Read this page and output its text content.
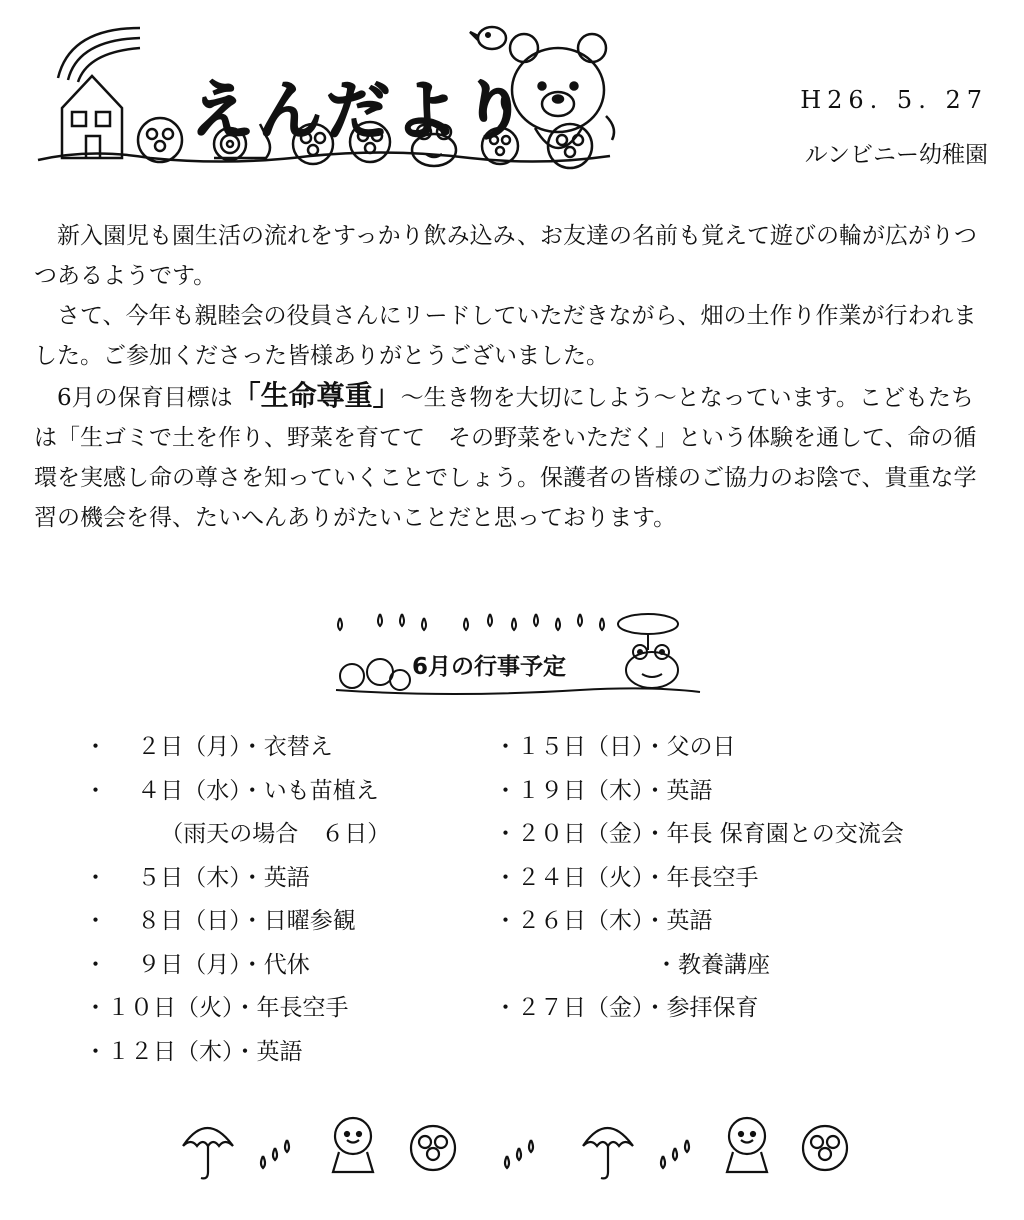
えんだより	H26. 5. 27
ルンビニー幼稚園

新入園児も園生活の流れをすっかり飲み込み、お友達の名前も覚えて遊びの輪が広がりつつあるようです。

さて、今年も親睦会の役員さんにリードしていただきながら、畑の土作り作業が行われました。ご参加くださった皆様ありがとうございました。

6月の保育目標は「生命尊重」～生き物を大切にしよう～となっています。こどもたちは「生ゴミで土を作り、野菜を育てて　その野菜をいただく」という体験を通して、命の循環を実感し命の尊さを知っていくことでしょう。保護者の皆様のご協力のお陰で、貴重な学習の機会を得、たいへんありがたいことだと思っております。

6月の行事予定
・　 ２日（月）・衣替え
・　 ４日（水）・いも苗植え
　　　 （雨天の場合　６日）
・　 ５日（木）・英語
・　 ８日（日）・日曜参観
・　 ９日（月）・代休
・１０日（火）・年長空手
・１２日（木）・英語
・１５日（日）・父の日
・１９日（木）・英語
・２０日（金）・年長 保育園との交流会
・２４日（火）・年長空手
・２６日（木）・英語
　　　　　　　・教養講座
・２７日（金）・参拝保育
